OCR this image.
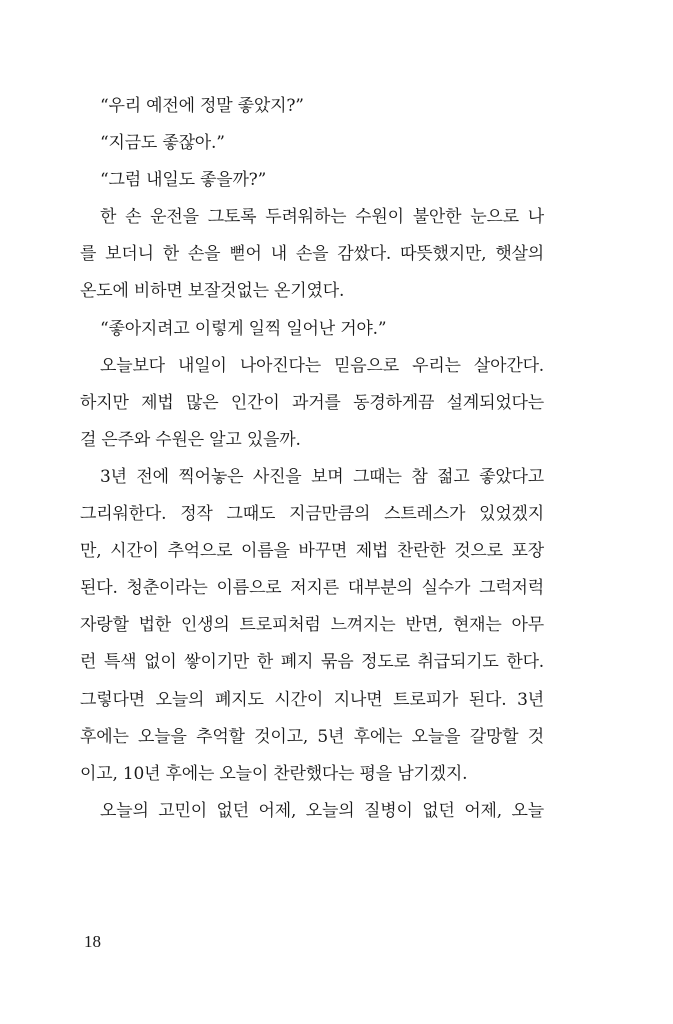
“우리 예전에 정말 좋았지?”
“지금도 좋잖아.”
“그럼 내일도 좋을까?”
한 손 운전을 그토록 두려워하는 수원이 불안한 눈으로 나
를 보더니 한 손을 뻗어 내 손을 감쌌다. 따뜻했지만, 햇살의
온도에 비하면 보잘것없는 온기였다.
“좋아지려고 이렇게 일찍 일어난 거야.”
오늘보다 내일이 나아진다는 믿음으로 우리는 살아간다.
하지만 제법 많은 인간이 과거를 동경하게끔 설계되었다는
걸 은주와 수원은 알고 있을까.
3년 전에 찍어놓은 사진을 보며 그때는 참 젊고 좋았다고
그리워한다. 정작 그때도 지금만큼의 스트레스가 있었겠지
만, 시간이 추억으로 이름을 바꾸면 제법 찬란한 것으로 포장
된다. 청춘이라는 이름으로 저지른 대부분의 실수가 그럭저럭
자랑할 법한 인생의 트로피처럼 느껴지는 반면, 현재는 아무
런 특색 없이 쌓이기만 한 폐지 묶음 정도로 취급되기도 한다.
그렇다면 오늘의 폐지도 시간이 지나면 트로피가 된다. 3년
후에는 오늘을 추억할 것이고, 5년 후에는 오늘을 갈망할 것
이고, 10년 후에는 오늘이 찬란했다는 평을 남기겠지.
오늘의 고민이 없던 어제, 오늘의 질병이 없던 어제, 오늘
18
